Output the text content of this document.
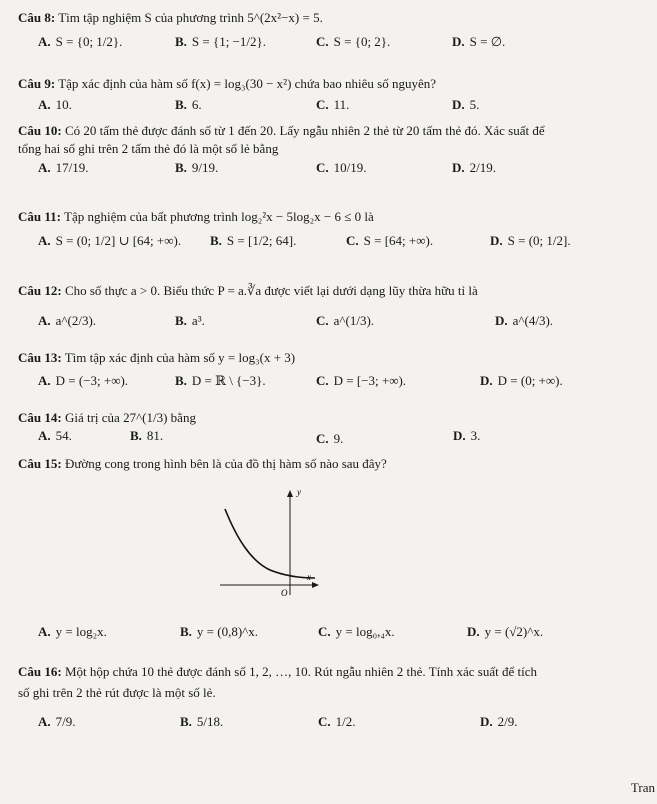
Câu 8: Tìm tập nghiệm S của phương trình 5^(2x²−x) = 5.
A. S = {0; 1/2}.	B. S = {1; −1/2}.	C. S = {0; 2}.	D. S = ∅.
Câu 9: Tập xác định của hàm số f(x) = log₃(30 − x²) chứa bao nhiêu số nguyên?
A. 10.	B. 6.	C. 11.	D. 5.
Câu 10: Có 20 tấm thẻ được đánh số từ 1 đến 20. Lấy ngẫu nhiên 2 thẻ từ 20 tấm thẻ đó. Xác suất để
tổng hai số ghi trên 2 tấm thẻ đó là một số lẻ bằng
A. 17/19.	B. 9/19.	C. 10/19.	D. 2/19.
Câu 11: Tập nghiệm của bất phương trình log₂²x − 5log₂x − 6 ≤ 0 là
A. S = (0; 1/2] ∪ [64; +∞). B. S = [1/2; 64].	C. S = [64; +∞).	D. S = (0; 1/2].
Câu 12: Cho số thực a > 0. Biểu thức P = a.∛a được viết lại dưới dạng lũy thừa hữu tỉ là
A. a^(2/3).	B. a³.	C. a^(1/3).	D. a^(4/3).
Câu 13: Tìm tập xác định của hàm số y = log₃(x + 3)
A. D = (−3; +∞).	B. D = ℝ \ {−3}.	C. D = [−3; +∞).	D. D = (0; +∞).
Câu 14: Giá trị của 27^(1/3) bằng
A. 54.	B. 81.	C. 9.	D. 3.
Câu 15: Đường cong trong hình bên là của đồ thị hàm số nào sau đây?
y
x
O
A. y = log₂x.	B. y = (0,8)^x.	C. y = log₀,₄x.	D. y = (√2)^x.
Câu 16: Một hộp chứa 10 thẻ được đánh số 1, 2, …, 10. Rút ngẫu nhiên 2 thẻ. Tính xác suất để tích
số ghi trên 2 thẻ rút được là một số lẻ.
A. 7/9.	B. 5/18.	C. 1/2.	D. 2/9.
Tran
